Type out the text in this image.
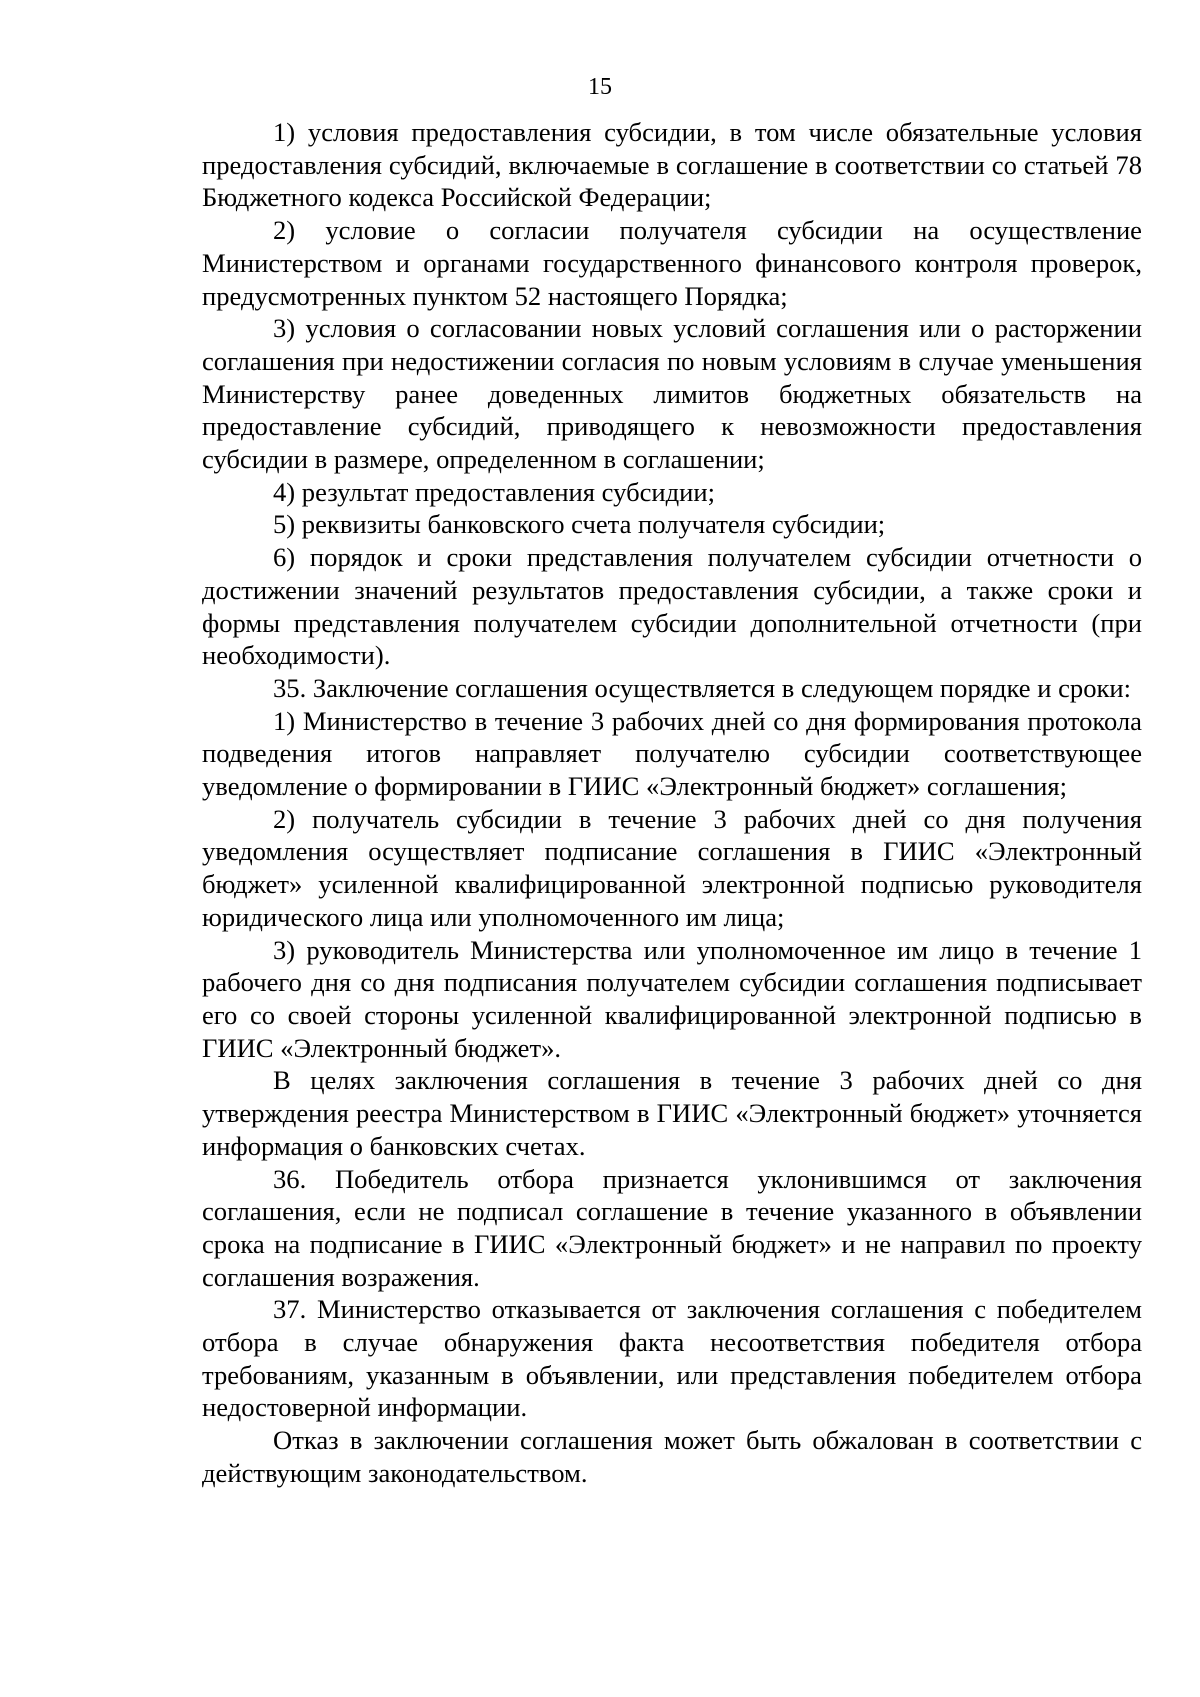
15

1) условия предоставления субсидии, в том числе обязательные условия предоставления субсидий, включаемые в соглашение в соответствии со статьей 78 Бюджетного кодекса Российской Федерации;

2) условие о согласии получателя субсидии на осуществление Министерством и органами государственного финансового контроля проверок, предусмотренных пунктом 52 настоящего Порядка;

3) условия о согласовании новых условий соглашения или о расторжении соглашения при недостижении согласия по новым условиям в случае уменьшения Министерству ранее доведенных лимитов бюджетных обязательств на предоставление субсидий, приводящего к невозможности предоставления субсидии в размере, определенном в соглашении;

4) результат предоставления субсидии;

5) реквизиты банковского счета получателя субсидии;

6) порядок и сроки представления получателем субсидии отчетности о достижении значений результатов предоставления субсидии, а также сроки и формы представления получателем субсидии дополнительной отчетности (при необходимости).

35. Заключение соглашения осуществляется в следующем порядке и сроки:

1) Министерство в течение 3 рабочих дней со дня формирования протокола подведения итогов направляет получателю субсидии соответствующее уведомление о формировании в ГИИС «Электронный бюджет» соглашения;

2) получатель субсидии в течение 3 рабочих дней со дня получения уведомления осуществляет подписание соглашения в ГИИС «Электронный бюджет» усиленной квалифицированной электронной подписью руководителя юридического лица или уполномоченного им лица;

3) руководитель Министерства или уполномоченное им лицо в течение 1 рабочего дня со дня подписания получателем субсидии соглашения подписывает его со своей стороны усиленной квалифицированной электронной подписью в ГИИС «Электронный бюджет».

В целях заключения соглашения в течение 3 рабочих дней со дня утверждения реестра Министерством в ГИИС «Электронный бюджет» уточняется информация о банковских счетах.

36. Победитель отбора признается уклонившимся от заключения соглашения, если не подписал соглашение в течение указанного в объявлении срока на подписание в ГИИС «Электронный бюджет» и не направил по проекту соглашения возражения.

37. Министерство отказывается от заключения соглашения с победителем отбора в случае обнаружения факта несоответствия победителя отбора требованиям, указанным в объявлении, или представления победителем отбора недостоверной информации.

Отказ в заключении соглашения может быть обжалован в соответствии с действующим законодательством.
